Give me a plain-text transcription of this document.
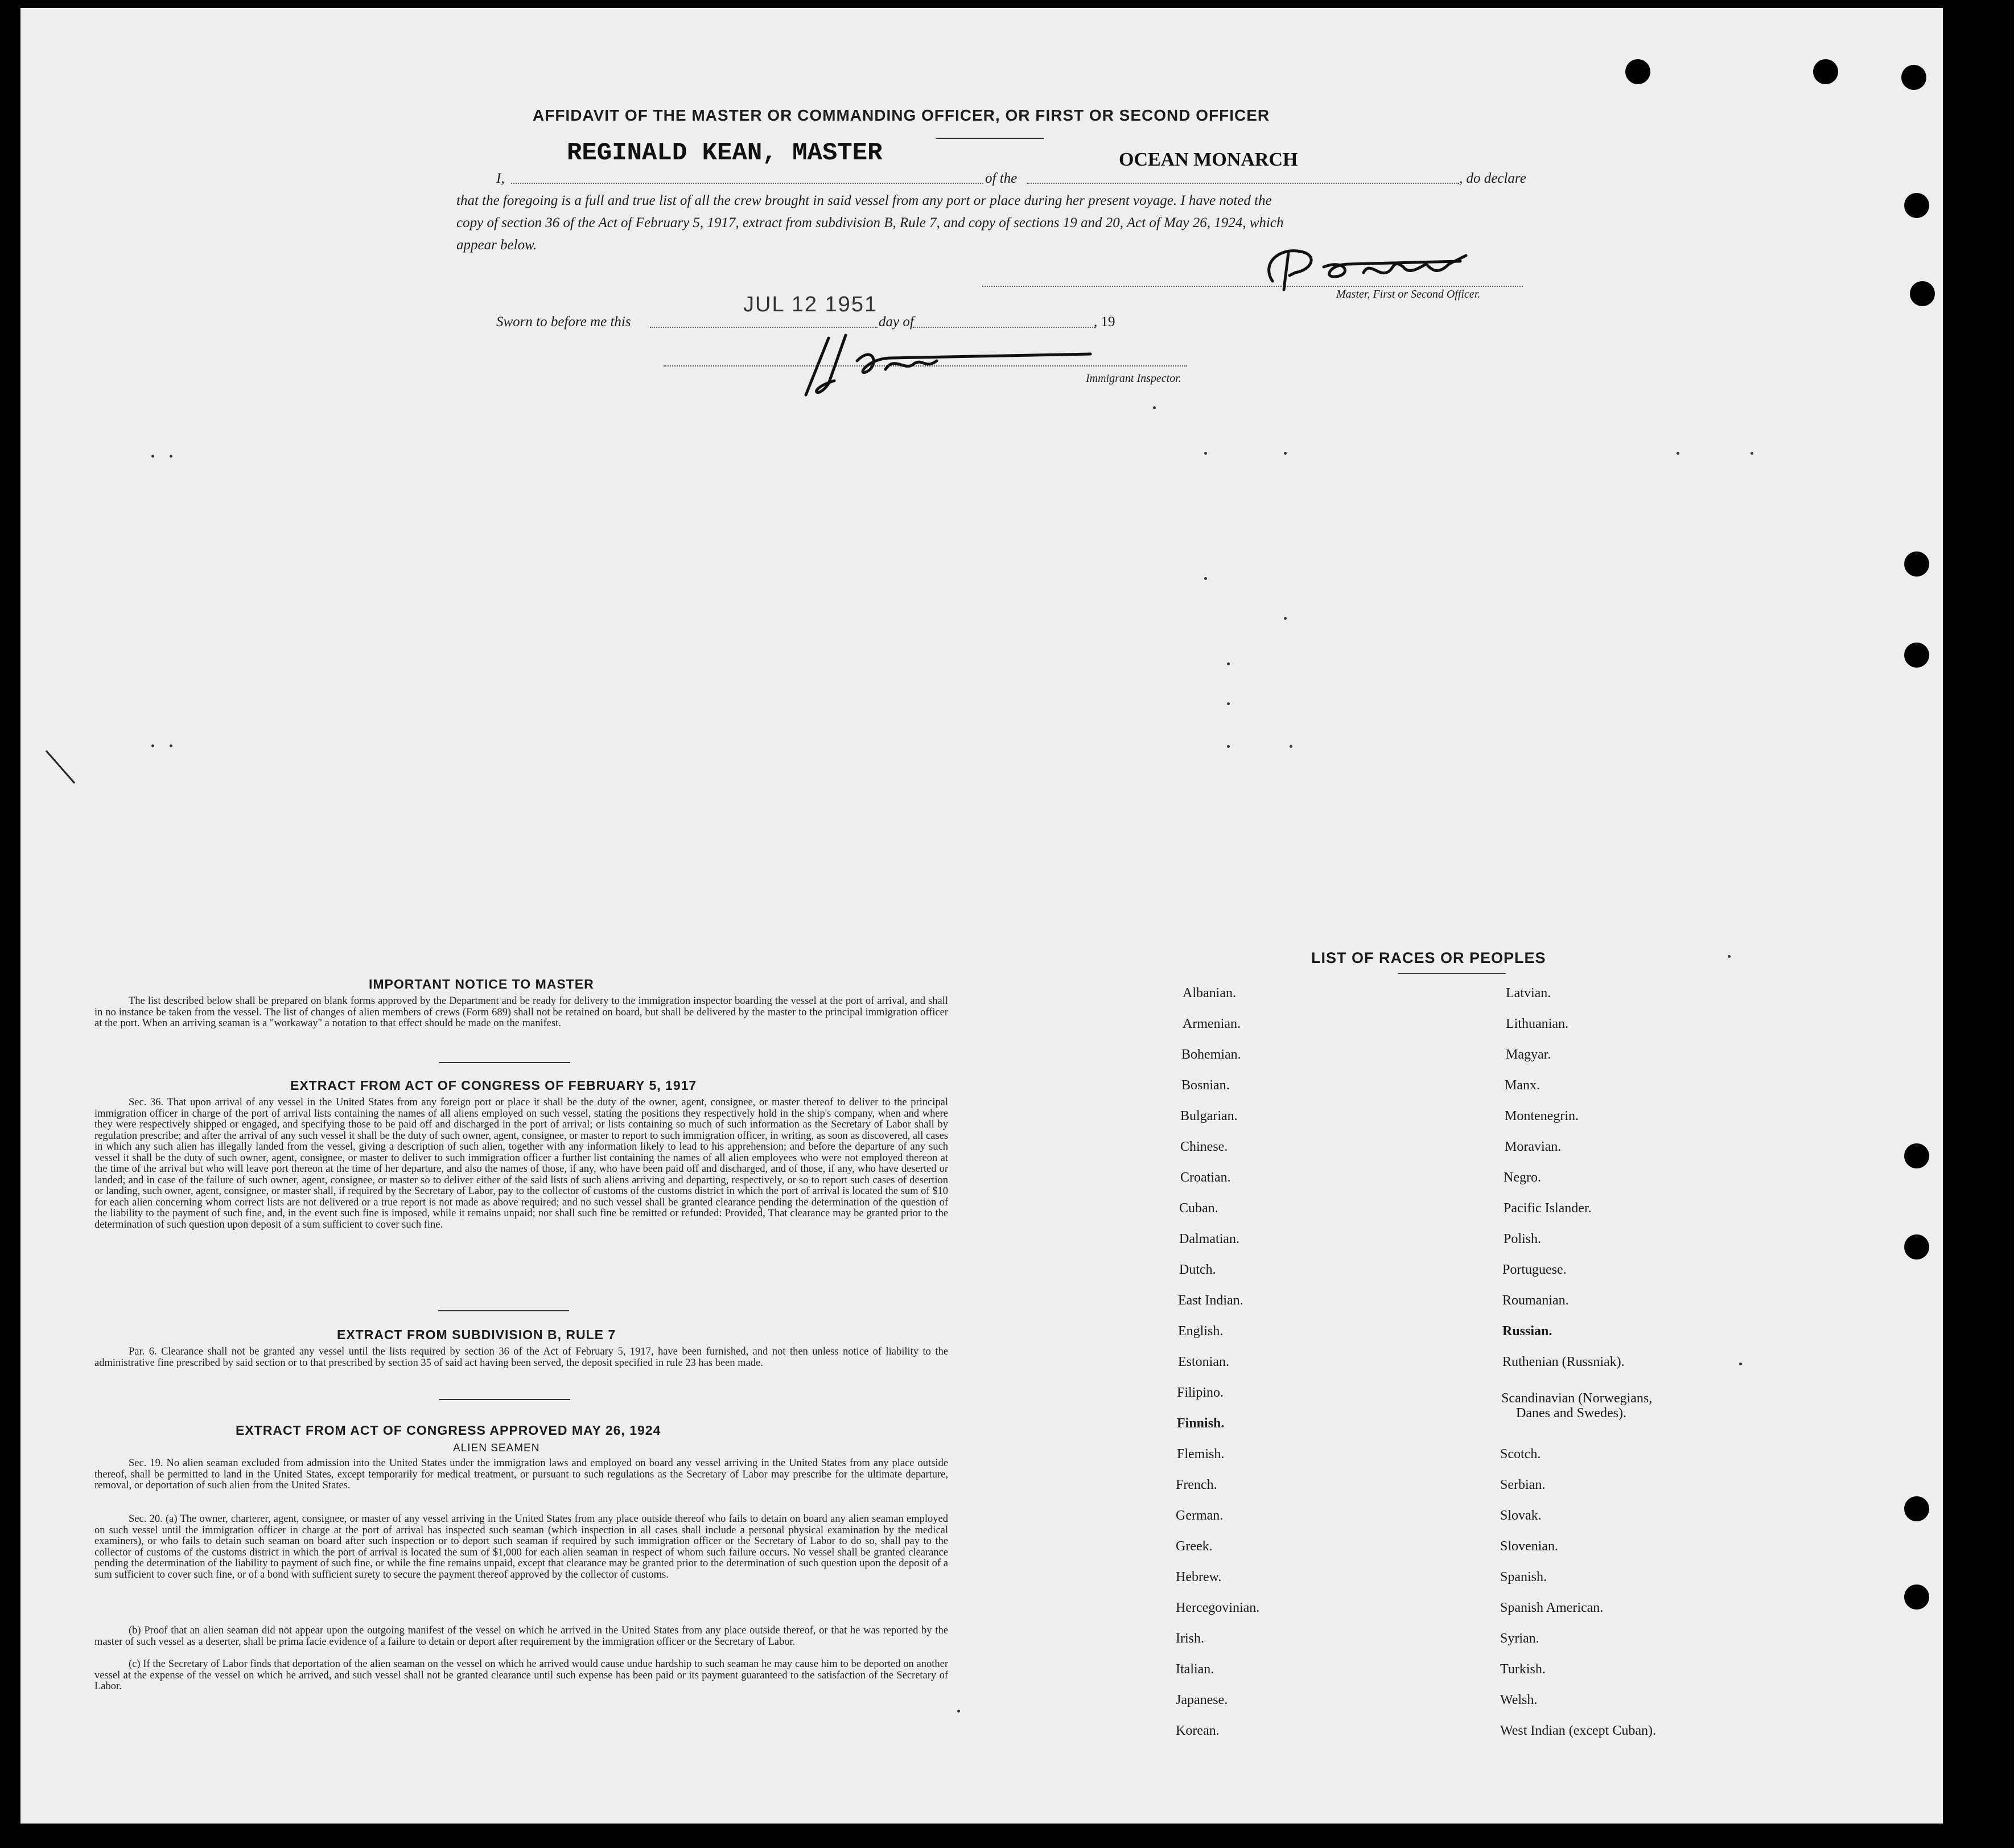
AFFIDAVIT OF THE MASTER OR COMMANDING OFFICER, OR FIRST OR SECOND OFFICER
REGINALD KEAN, MASTER
I,	of the
OCEAN MONARCH
, do declare
that the foregoing is a full and true list of all the crew brought in said vessel from any port or place during her present voyage. I have noted the
copy of section 36 of the Act of February 5, 1917, extract from subdivision B, Rule 7, and copy of sections 19 and 20, Act of May 26, 1924, which
appear below.
Master, First or Second Officer.
Sworn to before me this
JUL 12 1951
day of	, 19
Immigrant Inspector.
IMPORTANT NOTICE TO MASTER
The list described below shall be prepared on blank forms approved by the Department and be ready for delivery to the immigration inspector boarding the vessel at the port of arrival, and shall in no instance be taken from the vessel. The list of changes of alien members of crews (Form 689) shall not be retained on board, but shall be delivered by the master to the principal immigration officer at the port. When an arriving seaman is a "workaway" a notation to that effect should be made on the manifest.
EXTRACT FROM ACT OF CONGRESS OF FEBRUARY 5, 1917
Sec. 36. That upon arrival of any vessel in the United States from any foreign port or place it shall be the duty of the owner, agent, consignee, or master thereof to deliver to the principal immigration officer in charge of the port of arrival lists containing the names of all aliens employed on such vessel, stating the positions they respectively hold in the ship's company, when and where they were respectively shipped or engaged, and specifying those to be paid off and discharged in the port of arrival; or lists containing so much of such information as the Secretary of Labor shall by regulation prescribe; and after the arrival of any such vessel it shall be the duty of such owner, agent, consignee, or master to report to such immigration officer, in writing, as soon as discovered, all cases in which any such alien has illegally landed from the vessel, giving a description of such alien, together with any information likely to lead to his apprehension; and before the departure of any such vessel it shall be the duty of such owner, agent, consignee, or master to deliver to such immigration officer a further list containing the names of all alien employees who were not employed thereon at the time of the arrival but who will leave port thereon at the time of her departure, and also the names of those, if any, who have been paid off and discharged, and of those, if any, who have deserted or landed; and in case of the failure of such owner, agent, consignee, or master so to deliver either of the said lists of such aliens arriving and departing, respectively, or so to report such cases of desertion or landing, such owner, agent, consignee, or master shall, if required by the Secretary of Labor, pay to the collector of customs of the customs district in which the port of arrival is located the sum of $10 for each alien concerning whom correct lists are not delivered or a true report is not made as above required; and no such vessel shall be granted clearance pending the determination of the question of the liability to the payment of such fine, and, in the event such fine is imposed, while it remains unpaid; nor shall such fine be remitted or refunded: Provided, That clearance may be granted prior to the determination of such question upon deposit of a sum sufficient to cover such fine.
EXTRACT FROM SUBDIVISION B, RULE 7
Par. 6. Clearance shall not be granted any vessel until the lists required by section 36 of the Act of February 5, 1917, have been furnished, and not then unless notice of liability to the administrative fine prescribed by said section or to that prescribed by section 35 of said act having been served, the deposit specified in rule 23 has been made.
EXTRACT FROM ACT OF CONGRESS APPROVED MAY 26, 1924
ALIEN SEAMEN
Sec. 19. No alien seaman excluded from admission into the United States under the immigration laws and employed on board any vessel arriving in the United States from any place outside thereof, shall be permitted to land in the United States, except temporarily for medical treatment, or pursuant to such regulations as the Secretary of Labor may prescribe for the ultimate departure, removal, or deportation of such alien from the United States.
Sec. 20. (a) The owner, charterer, agent, consignee, or master of any vessel arriving in the United States from any place outside thereof who fails to detain on board any alien seaman employed on such vessel until the immigration officer in charge at the port of arrival has inspected such seaman (which inspection in all cases shall include a personal physical examination by the medical examiners), or who fails to detain such seaman on board after such inspection or to deport such seaman if required by such immigration officer or the Secretary of Labor to do so, shall pay to the collector of customs of the customs district in which the port of arrival is located the sum of $1,000 for each alien seaman in respect of whom such failure occurs. No vessel shall be granted clearance pending the determination of the liability to payment of such fine, or while the fine remains unpaid, except that clearance may be granted prior to the determination of such question upon the deposit of a sum sufficient to cover such fine, or of a bond with sufficient surety to secure the payment thereof approved by the collector of customs.
(b) Proof that an alien seaman did not appear upon the outgoing manifest of the vessel on which he arrived in the United States from any place outside thereof, or that he was reported by the master of such vessel as a deserter, shall be prima facie evidence of a failure to detain or deport after requirement by the immigration officer or the Secretary of Labor.
(c) If the Secretary of Labor finds that deportation of the alien seaman on the vessel on which he arrived would cause undue hardship to such seaman he may cause him to be deported on another vessel at the expense of the vessel on which he arrived, and such vessel shall not be granted clearance until such expense has been paid or its payment guaranteed to the satisfaction of the Secretary of Labor.
LIST OF RACES OR PEOPLES
Albanian.
Armenian.
Bohemian.
Bosnian.
Bulgarian.
Chinese.
Croatian.
Cuban.
Dalmatian.
Dutch.
East Indian.
English.
Estonian.
Filipino.
Finnish.
Flemish.
French.
German.
Greek.
Hebrew.
Hercegovinian.
Irish.
Italian.
Japanese.
Korean.
Latvian.
Lithuanian.
Magyar.
Manx.
Montenegrin.
Moravian.
Negro.
Pacific Islander.
Polish.
Portuguese.
Roumanian.
Russian.
Ruthenian (Russniak).
Scandinavian (Norwegians,
Danes and Swedes).
Scotch.
Serbian.
Slovak.
Slovenian.
Spanish.
Spanish American.
Syrian.
Turkish.
Welsh.
West Indian (except Cuban).
